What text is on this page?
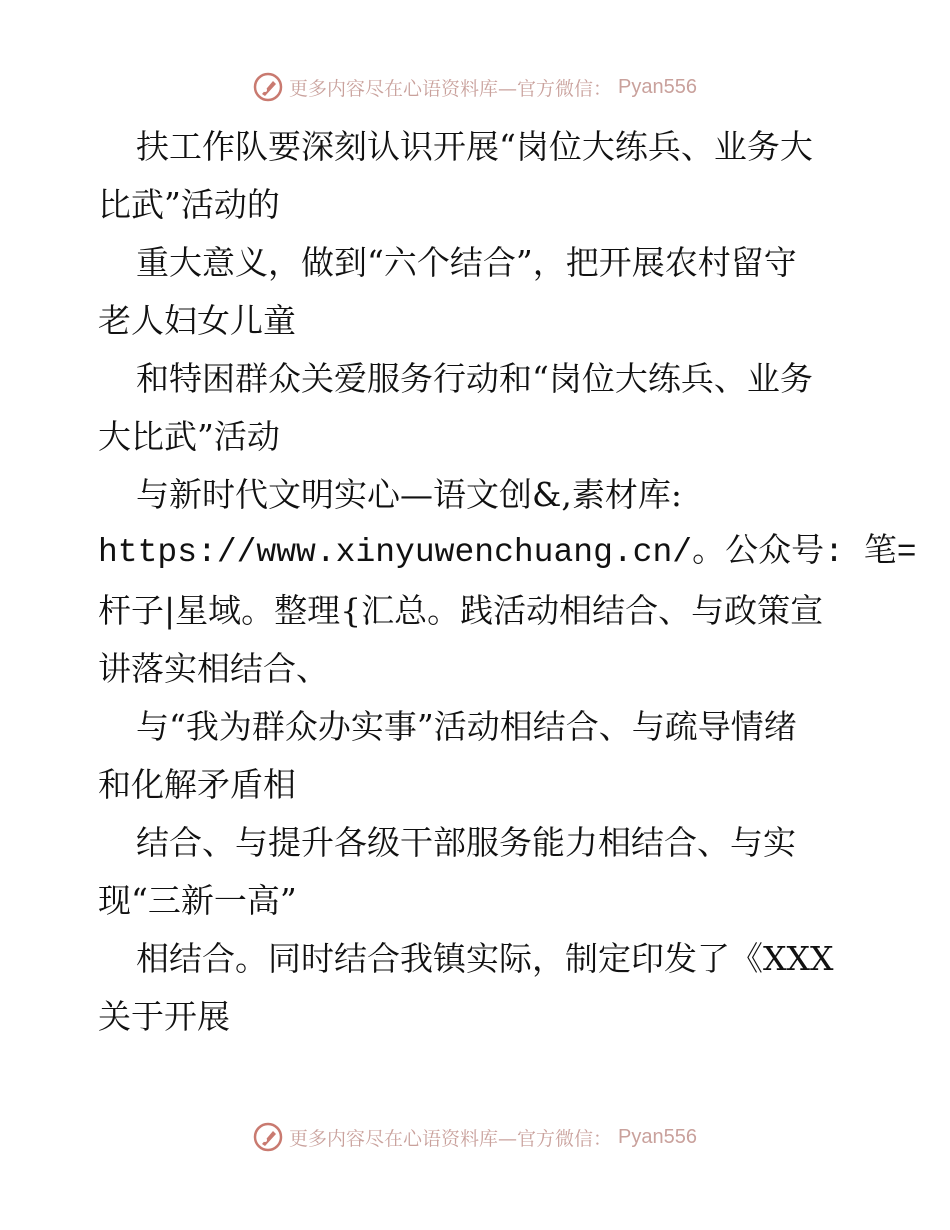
更多内容尽在心语资料库—官方微信： Pyan556
扶工作队要深刻认识开展“岗位大练兵、业务大
比武”活动的
重大意义，做到“六个结合”，把开展农村留守
老人妇女儿童
和特困群众关爱服务行动和“岗位大练兵、业务
大比武”活动
与新时代文明实心—语文创&,素材库:
https://www.xinyuwenchuang.cn/。公众号: 笔=
杆子|星域。整理{汇总。践活动相结合、与政策宣
讲落实相结合、
与“我为群众办实事”活动相结合、与疏导情绪
和化解矛盾相
结合、与提升各级干部服务能力相结合、与实
现“三新一高”
相结合。同时结合我镇实际，制定印发了《XXX
关于开展
更多内容尽在心语资料库—官方微信： Pyan556
